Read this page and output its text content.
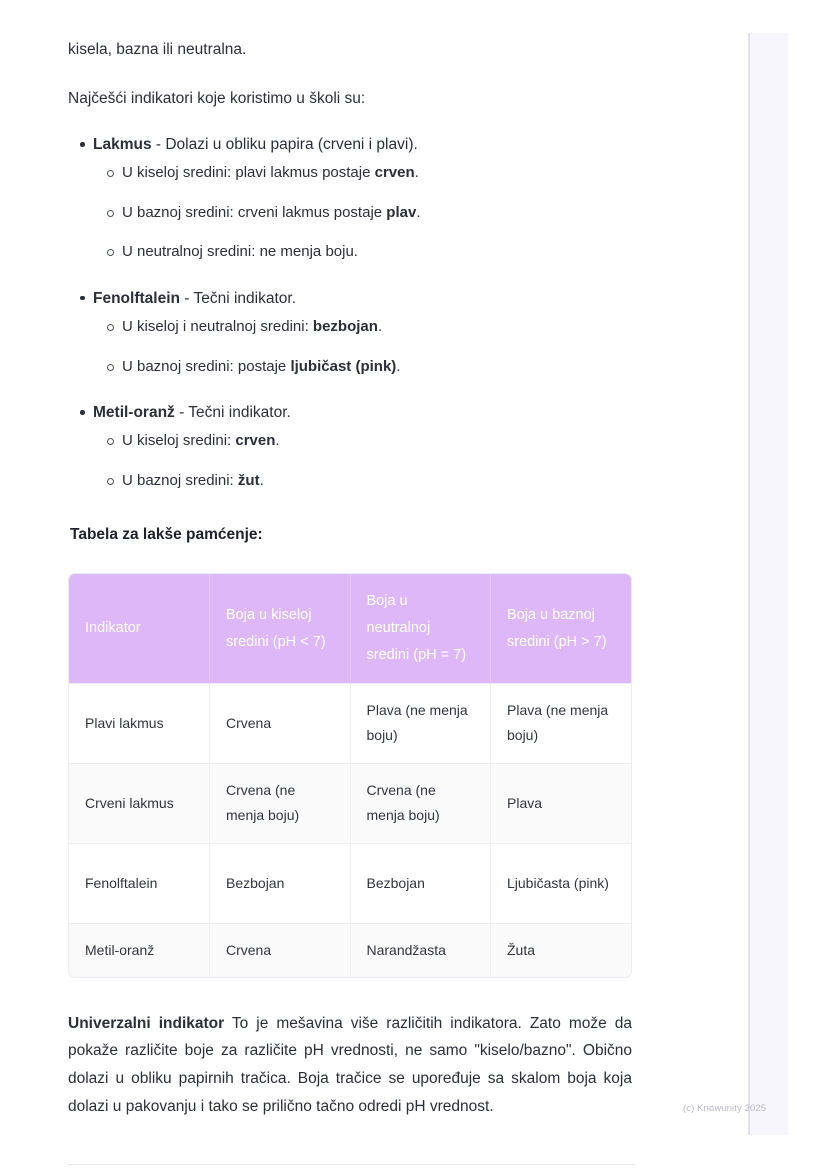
kisela, bazna ili neutralna.

Najčešći indikatori koje koristimo u školi su:

Lakmus - Dolazi u obliku papira (crveni i plavi).
U kiseloj sredini: plavi lakmus postaje crven.
U baznoj sredini: crveni lakmus postaje plav.
U neutralnoj sredini: ne menja boju.
Fenolftalein - Tečni indikator.
U kiseloj i neutralnoj sredini: bezbojan.
U baznoj sredini: postaje ljubičast (pink).
Metil-oranž - Tečni indikator.
U kiseloj sredini: crven.
U baznoj sredini: žut.
Tabela za lakše pamćenje:
Indikator	Boja u kiseloj sredini (pH < 7)	Boja u neutralnoj sredini (pH = 7)	Boja u baznoj sredini (pH > 7)
Plavi lakmus	Crvena	Plava (ne menja boju)	Plava (ne menja boju)
Crveni lakmus	Crvena (ne menja boju)	Crvena (ne menja boju)	Plava
Fenolftalein	Bezbojan	Bezbojan	Ljubičasta (pink)
Metil-oranž	Crvena	Narandžasta	Žuta

Univerzalni indikator To je mešavina više različitih indikatora. Zato može da pokaže različite boje za različite pH vrednosti, ne samo "kiselo/bazno". Obično dolazi u obliku papirnih tračica. Boja tračice se upoređuje sa skalom boja koja dolazi u pakovanju i tako se prilično tačno odredi pH vrednost.	(c) Knowunity 2025
